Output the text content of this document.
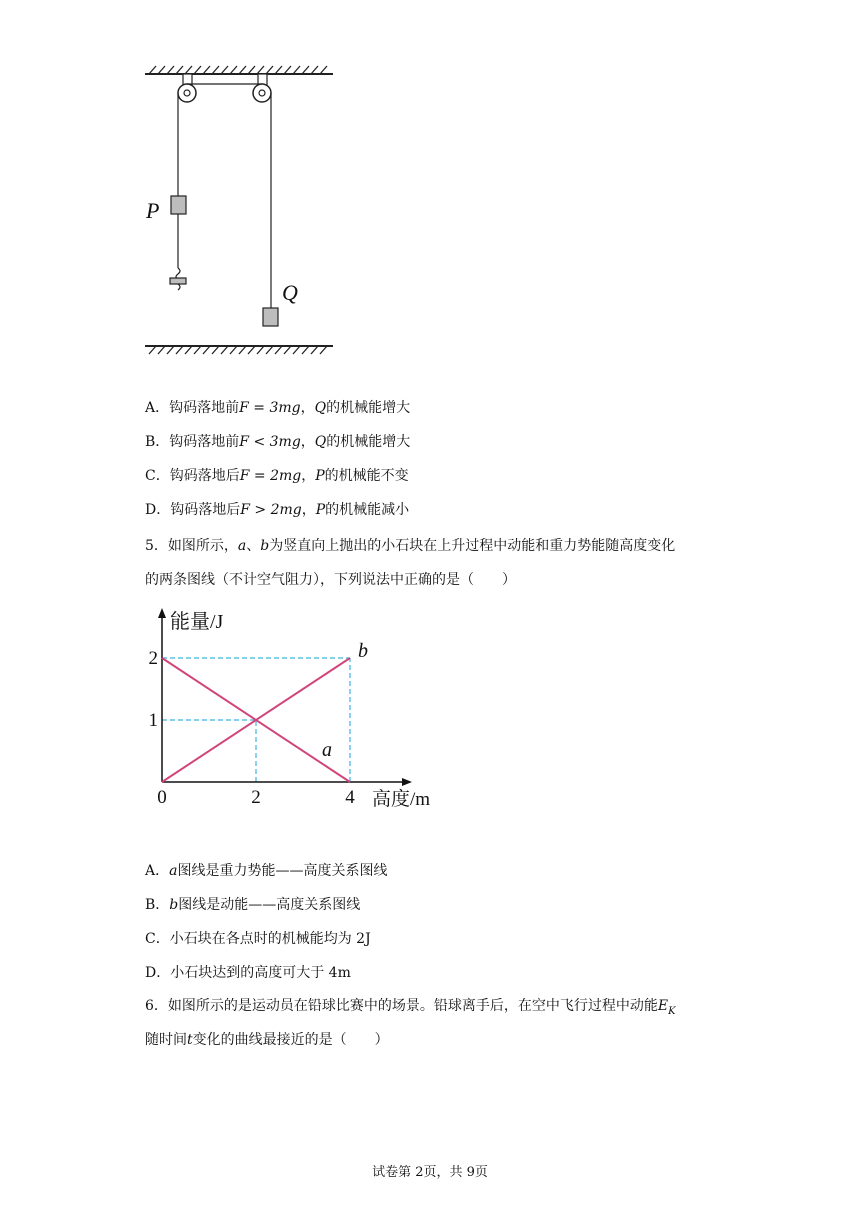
P
Q
A．钩码落地前F = 3mg，Q的机械能增大
B．钩码落地前F < 3mg，Q的机械能增大
C．钩码落地后F = 2mg，P的机械能不变
D．钩码落地后F > 2mg，P的机械能减小
5．如图所示，a、b为竖直向上抛出的小石块在上升过程中动能和重力势能随高度变化
的两条图线（不计空气阻力），下列说法中正确的是（　　）
0	2	4
1
2
能量/J
高度/m
b
a
A．a图线是重力势能——高度关系图线
B．b图线是动能——高度关系图线
C．小石块在各点时的机械能均为 2J
D．小石块达到的高度可大于 4m
6．如图所示的是运动员在铅球比赛中的场景。铅球离手后，在空中飞行过程中动能$E_K$
随时间t变化的曲线最接近的是（　　）
试卷第 2页，共 9页
